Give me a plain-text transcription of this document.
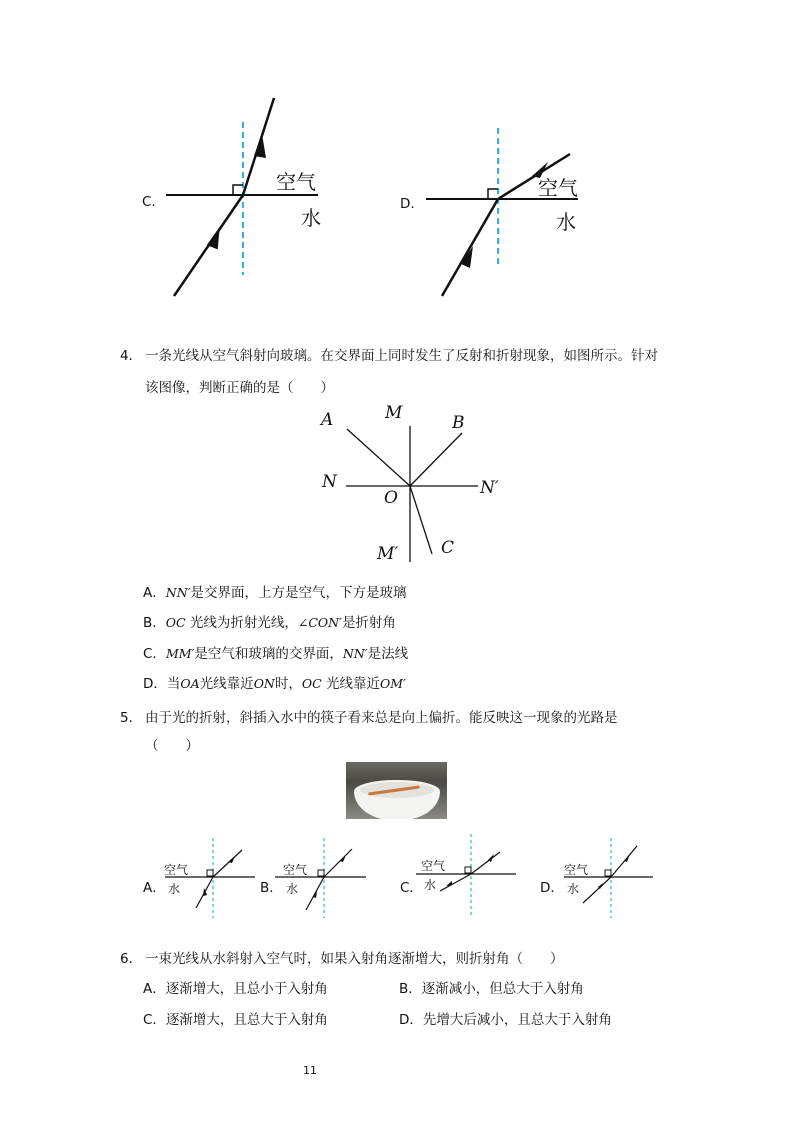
C.
空气
水
D.
空气
水
4． 一条光线从空气斜射向玻璃。在交界面上同时发生了反射和折射现象，如图所示。针对
该图像，判断正确的是（　　）
A	M	B
N
O	N′
M′	C
A．NN′是交界面，上方是空气，下方是玻璃
B．OC 光线为折射光线，∠CON′是折射角
C．MM′是空气和玻璃的交界面，NN′是法线
D．当OA光线靠近ON时，OC 光线靠近OM′
5． 由于光的折射，斜插入水中的筷子看来总是向上偏折。能反映这一现象的光路是
（　　）
A．
空气
水	B．
空气
水	C．
空气
水	D．
空气
水
6． 一束光线从水斜射入空气时，如果入射角逐渐增大，则折射角（　　）
A．逐渐增大，且总小于入射角	B．逐渐减小，但总大于入射角
C．逐渐增大，且总大于入射角	D．先增大后减小，且总大于入射角
11
